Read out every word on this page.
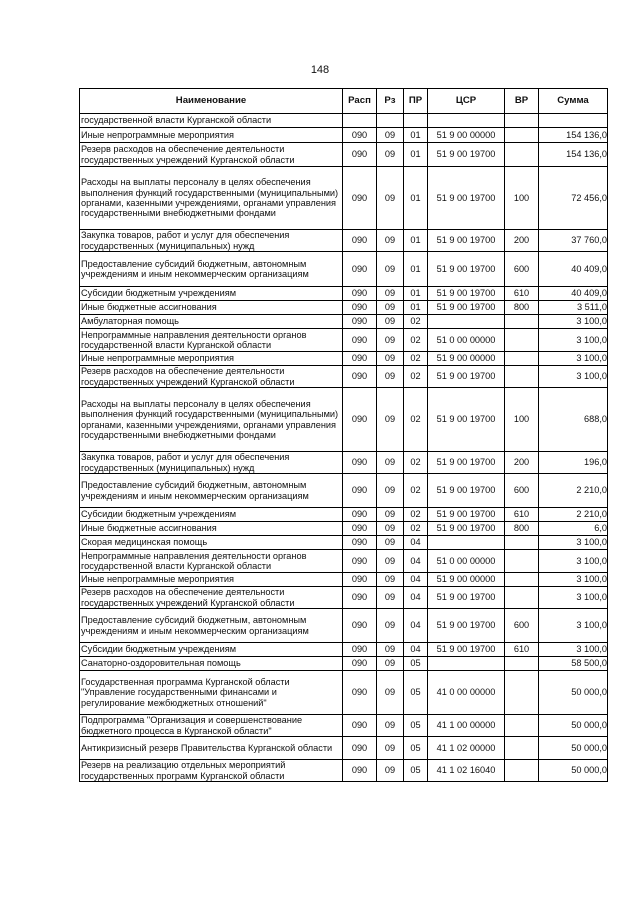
148
Наименование	Расп	Рз	ПР	ЦСР	ВР	Сумма
государственной власти Курганской области						
Иные непрограммные мероприятия	090	09	01	51 9 00 00000		154 136,0
Резерв расходов на обеспечение деятельности государственных учреждений Курганской области	090	09	01	51 9 00 19700		154 136,0
Расходы на выплаты персоналу в целях обеспечения выполнения функций государственными (муниципальными) органами, казенными учреждениями, органами управления государственными внебюджетными фондами	090	09	01	51 9 00 19700	100	72 456,0
Закупка товаров, работ и услуг для обеспечения государственных (муниципальных) нужд	090	09	01	51 9 00 19700	200	37 760,0
Предоставление субсидий бюджетным, автономным учреждениям и иным некоммерческим организациям	090	09	01	51 9 00 19700	600	40 409,0
Субсидии бюджетным учреждениям	090	09	01	51 9 00 19700	610	40 409,0
Иные бюджетные ассигнования	090	09	01	51 9 00 19700	800	3 511,0
Амбулаторная помощь	090	09	02			3 100,0
Непрограммные направления деятельности органов государственной власти Курганской области	090	09	02	51 0 00 00000		3 100,0
Иные непрограммные мероприятия	090	09	02	51 9 00 00000		3 100,0
Резерв расходов на обеспечение деятельности государственных учреждений Курганской области	090	09	02	51 9 00 19700		3 100,0
Расходы на выплаты персоналу в целях обеспечения выполнения функций государственными (муниципальными) органами, казенными учреждениями, органами управления государственными внебюджетными фондами	090	09	02	51 9 00 19700	100	688,0
Закупка товаров, работ и услуг для обеспечения государственных (муниципальных) нужд	090	09	02	51 9 00 19700	200	196,0
Предоставление субсидий бюджетным, автономным учреждениям и иным некоммерческим организациям	090	09	02	51 9 00 19700	600	2 210,0
Субсидии бюджетным учреждениям	090	09	02	51 9 00 19700	610	2 210,0
Иные бюджетные ассигнования	090	09	02	51 9 00 19700	800	6,0
Скорая медицинская помощь	090	09	04			3 100,0
Непрограммные направления деятельности органов государственной власти Курганской области	090	09	04	51 0 00 00000		3 100,0
Иные непрограммные мероприятия	090	09	04	51 9 00 00000		3 100,0
Резерв расходов на обеспечение деятельности государственных учреждений Курганской области	090	09	04	51 9 00 19700		3 100,0
Предоставление субсидий бюджетным, автономным учреждениям и иным некоммерческим организациям	090	09	04	51 9 00 19700	600	3 100,0
Субсидии бюджетным учреждениям	090	09	04	51 9 00 19700	610	3 100,0
Санаторно-оздоровительная помощь	090	09	05			58 500,0
Государственная программа Курганской области "Управление государственными финансами и регулирование межбюджетных отношений"	090	09	05	41 0 00 00000		50 000,0
Подпрограмма "Организация и совершенствование бюджетного процесса в Курганской области"	090	09	05	41 1 00 00000		50 000,0
Антикризисный резерв Правительства Курганской области	090	09	05	41 1 02 00000		50 000,0
Резерв на реализацию отдельных мероприятий государственных программ Курганской области	090	09	05	41 1 02 16040		50 000,0
